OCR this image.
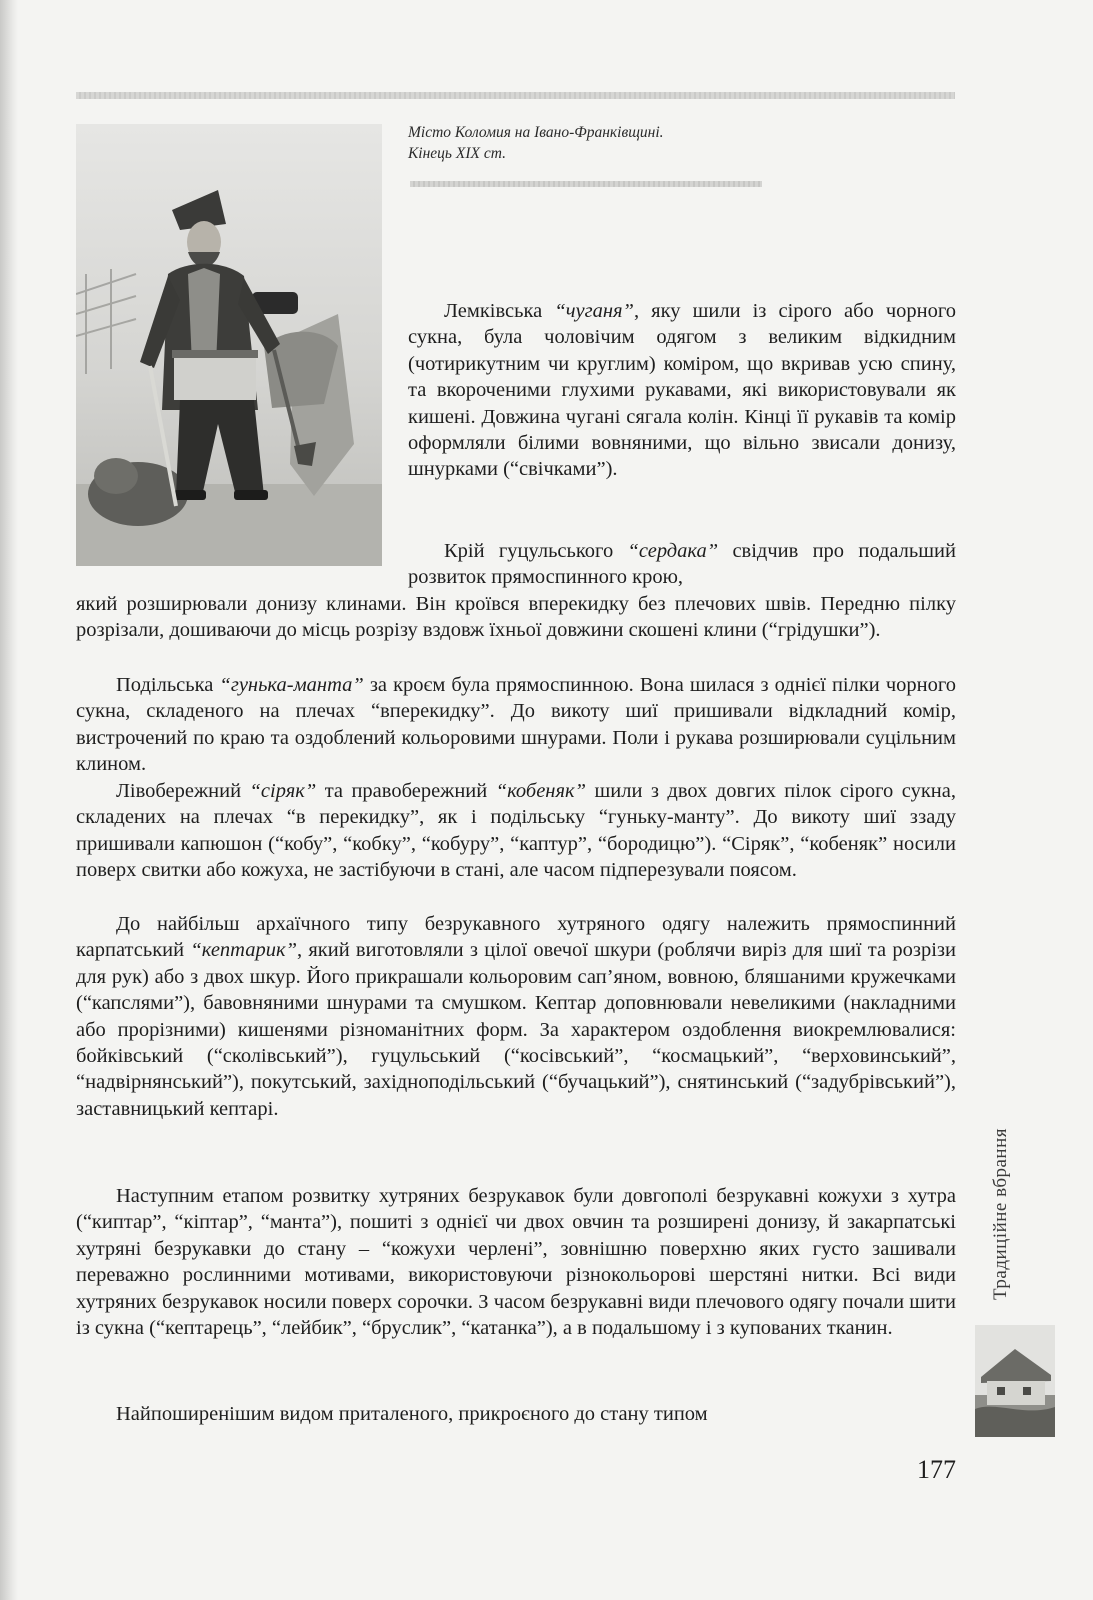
Місто Коломия на Івано-Франківщині.
Кінець XIX ст.

Лемківська “чуганя”, яку шили із сірого або чорного сукна, була чоловічим одягом з великим відкидним (чотирикутним чи круглим) коміром, що вкривав усю спину, та вкороченими глухими рукавами, які використовували як кишені. Довжина чугані сягала колін. Кінці її рукавів та комір оформляли білими вовняними, що вільно звисали донизу, шнурками (“свічками”).

Крій гуцульського “сердака” свідчив про подальший розвиток прямоспинного крою,

який розширювали донизу клинами. Він кроївся вперекидку без плечових швів. Передню пілку розрізали, дошиваючи до місць розрізу вздовж їхньої довжини скошені клини (“грідушки”).

Подільська “гунька-манта” за кроєм була прямоспинною. Вона шилася з однієї пілки чорного сукна, складеного на плечах “вперекидку”. До викоту шиї пришивали відкладний комір, вистрочений по краю та оздоблений кольоровими шнурами. Поли і рукава розширювали суцільним клином.

Лівобережний “сіряк” та правобережний “кобеняк” шили з двох довгих пілок сірого сукна, складених на плечах “в перекидку”, як і подільську “гуньку-манту”. До викоту шиї ззаду пришивали капюшон (“кобу”, “кобку”, “кобуру”, “каптур”, “бородицю”). “Сіряк”, “кобеняк” носили поверх свитки або кожуха, не застібуючи в стані, але часом підперезували поясом.

До найбільш архаїчного типу безрукавного хутряного одягу належить прямоспинний карпатський “кептарик”, який виготовляли з цілої овечої шкури (роблячи виріз для шиї та розрізи для рук) або з двох шкур. Його прикрашали кольоровим сап’яном, вовною, бляшаними кружечками (“капслями”), бавовняними шнурами та смушком. Кептар доповнювали невеликими (накладними або прорізними) кишенями різноманітних форм. За характером оздоблення виокремлювалися: бойківський (“сколівський”), гуцульський (“косівський”, “космацький”, “верховинський”, “надвірнянський”), покутський, західноподільський (“бучацький”), снятинський (“задубрівський”), заставницький кептарі.

Наступним етапом розвитку хутряних безрукавок були довгополі безрукавні кожухи з хутра (“киптар”, “кіптар”, “манта”), пошиті з однієї чи двох овчин та розширені донизу, й закарпатські хутряні безрукавки до стану – “кожухи черлені”, зовнішню поверхню яких густо зашивали переважно рослинними мотивами, використовуючи різнокольорові шерстяні нитки. Всі види хутряних безрукавок носили поверх сорочки. З часом безрукавні види плечового одягу почали шити із сукна (“кептарець”, “лейбик”, “бруслик”, “катанка”), а в подальшому і з купованих тканин.

Найпоширенішим видом приталеного, прикроєного до стану типом

Традиційне вбрання
177
